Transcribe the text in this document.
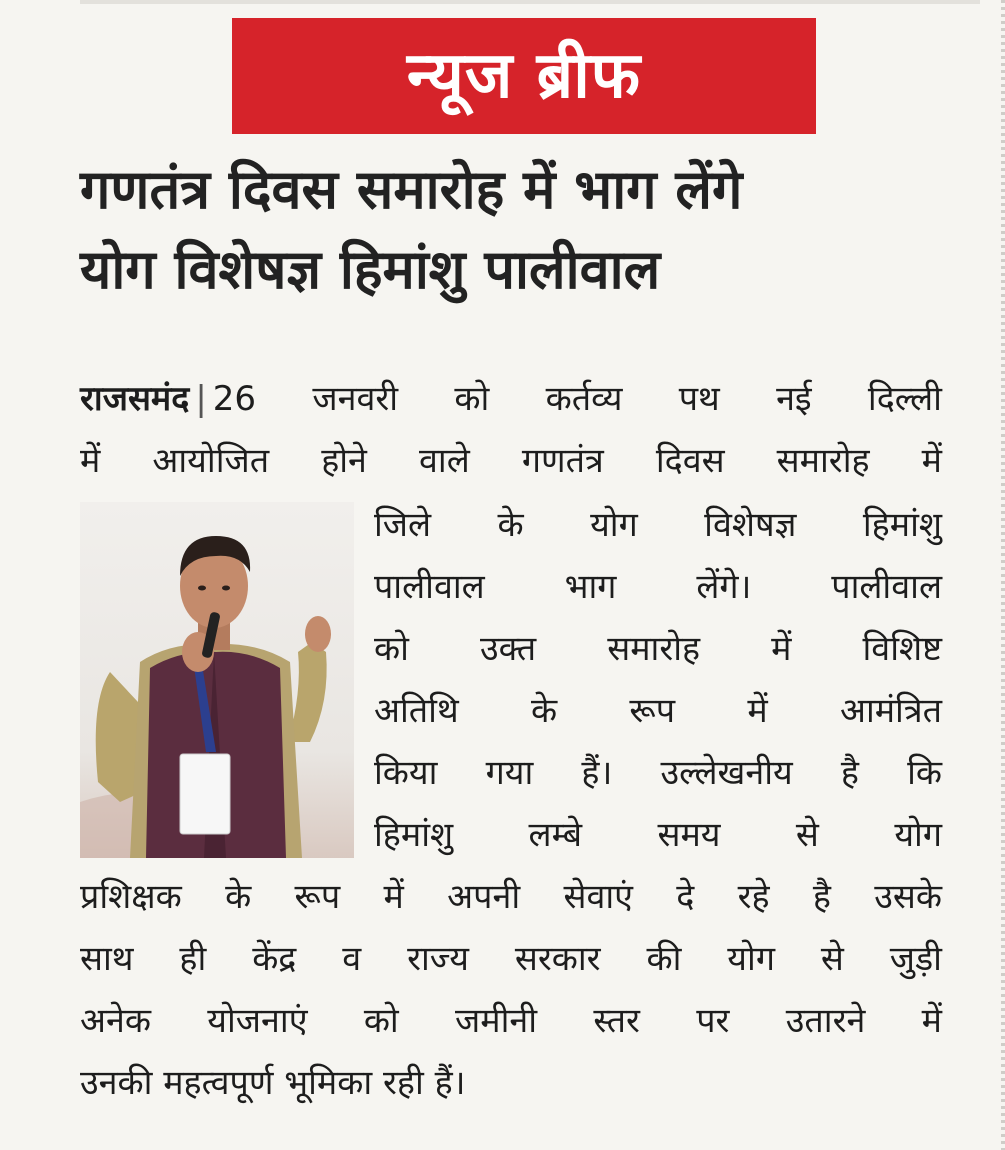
न्यूज ब्रीफ
गणतंत्र दिवस समारोह में भाग लेंगे
योग विशेषज्ञ हिमांशु पालीवाल
राजसमंद | 26 जनवरी को कर्तव्य पथ नई दिल्ली
में आयोजित होने वाले गणतंत्र दिवस समारोह में
जिले के योग विशेषज्ञ हिमांशु
पालीवाल भाग लेंगे। पालीवाल
को उक्त समारोह में विशिष्ट
अतिथि के रूप में आमंत्रित
किया गया हैं। उल्लेखनीय है कि
हिमांशु लम्बे समय से योग
प्रशिक्षक के रूप में अपनी सेवाएं दे रहे है उसके
साथ ही केंद्र व राज्य सरकार की योग से जुड़ी
अनेक योजनाएं को जमीनी स्तर पर उतारने में
उनकी महत्वपूर्ण भूमिका रही हैं।
